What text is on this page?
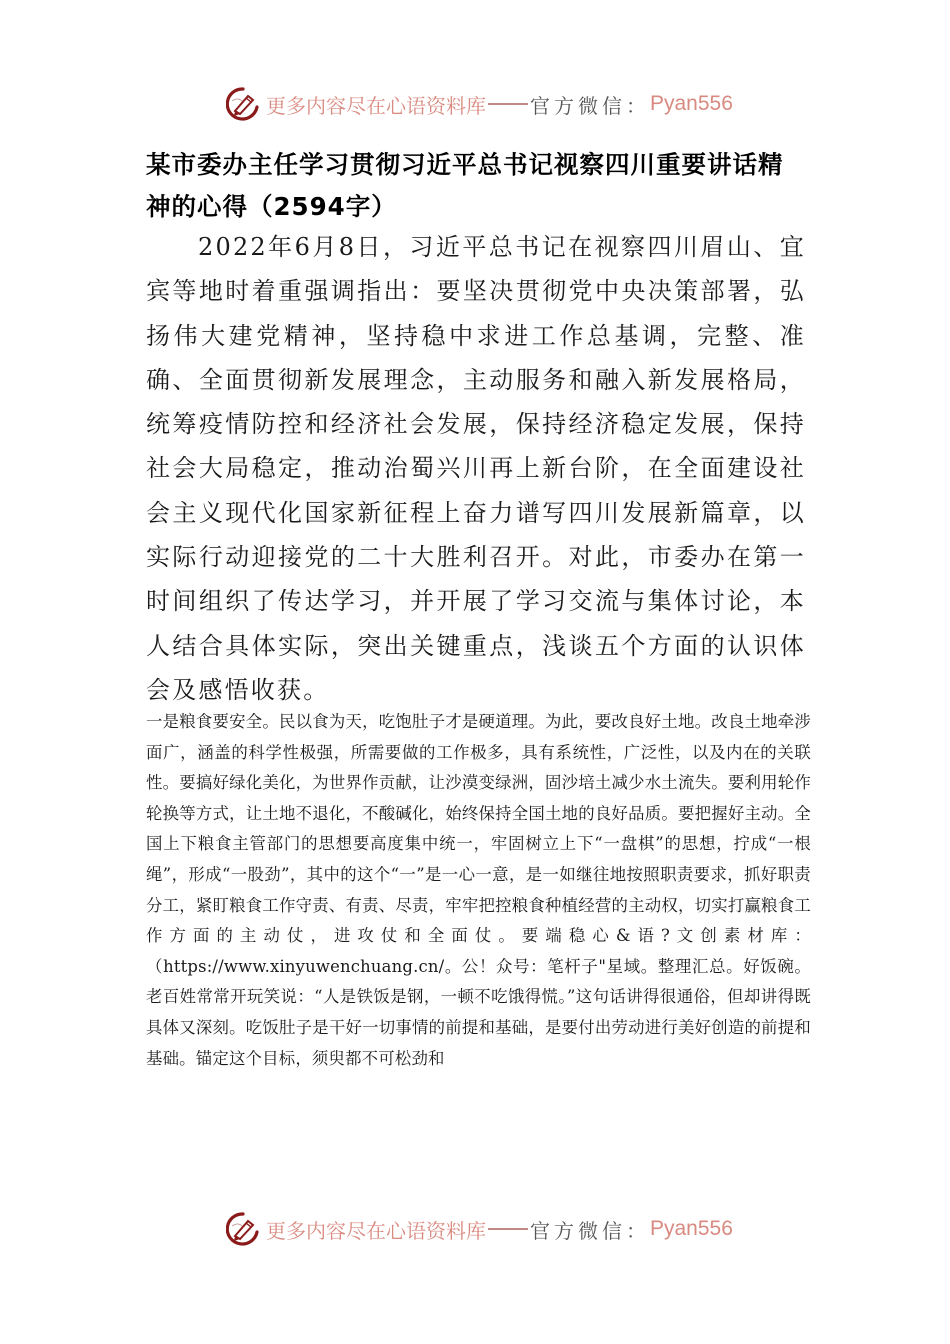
更多内容尽在心语资料库 官方微信： Pyan556
某市委办主任学习贯彻习近平总书记视察四川重要讲话精神的心得（2594字）

2022年6月8日，习近平总书记在视察四川眉山、宜宾等地时着重强调指出：要坚决贯彻党中央决策部署，弘扬伟大建党精神，坚持稳中求进工作总基调，完整、准确、全面贯彻新发展理念，主动服务和融入新发展格局，统筹疫情防控和经济社会发展，保持经济稳定发展，保持社会大局稳定，推动治蜀兴川再上新台阶，在全面建设社会主义现代化国家新征程上奋力谱写四川发展新篇章，以实际行动迎接党的二十大胜利召开。对此，市委办在第一时间组织了传达学习，并开展了学习交流与集体讨论，本人结合具体实际，突出关键重点，浅谈五个方面的认识体会及感悟收获。

一是粮食要安全。民以食为天，吃饱肚子才是硬道理。为此，要改良好土地。改良土地牵涉面广，涵盖的科学性极强，所需要做的工作极多，具有系统性，广泛性，以及内在的关联性。要搞好绿化美化，为世界作贡献，让沙漠变绿洲，固沙培土减少水土流失。要利用轮作轮换等方式，让土地不退化，不酸碱化，始终保持全国土地的良好品质。要把握好主动。全国上下粮食主管部门的思想要高度集中统一，牢固树立上下“一盘棋”的思想，拧成“一根绳”，形成“一股劲”，其中的这个“一”是一心一意，是一如继往地按照职责要求，抓好职责分工，紧盯粮食工作守责、有责、尽责，牢牢把控粮食种植经营的主动权，切实打赢粮食工作方面的主动仗，进攻仗和全面仗。要端稳心&语?文创素材库：（https://www.xinyuwenchuang.cn/。公！众号：笔杆子"星域。整理汇总。好饭碗。老百姓常常开玩笑说：“人是铁饭是钢，一顿不吃饿得慌。”这句话讲得很通俗，但却讲得既具体又深刻。吃饭肚子是干好一切事情的前提和基础，是要付出劳动进行美好创造的前提和基础。锚定这个目标，须臾都不可松劲和

更多内容尽在心语资料库 官方微信： Pyan556
